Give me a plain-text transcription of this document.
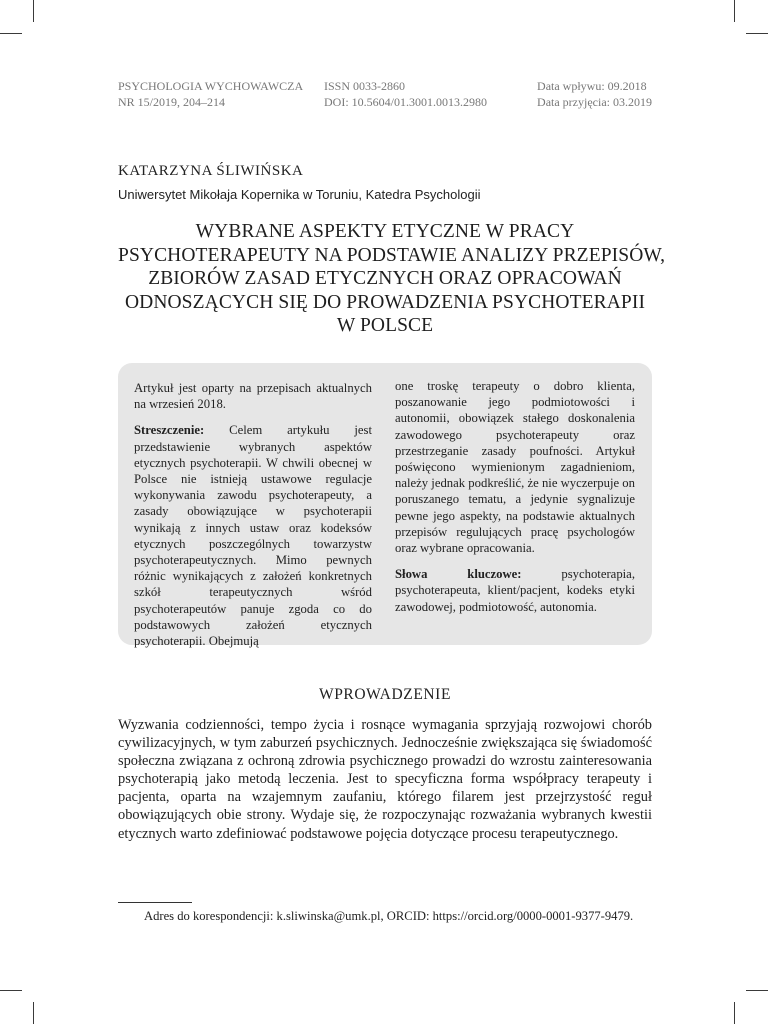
PSYCHOLOGIA WYCHOWAWCZA
NR 15/2019, 204–214
ISSN 0033-2860
DOI: 10.5604/01.3001.0013.2980
Data wpływu: 09.2018
Data przyjęcia: 03.2019
KATARZYNA ŚLIWIŃSKA
Uniwersytet Mikołaja Kopernika w Toruniu, Katedra Psychologii
WYBRANE ASPEKTY ETYCZNE W PRACY
PSYCHOTERAPEUTY NA PODSTAWIE ANALIZY PRZEPISÓW,
ZBIORÓW ZASAD ETYCZNYCH ORAZ OPRACOWAŃ
ODNOSZĄCYCH SIĘ DO PROWADZENIA PSYCHOTERAPII
W POLSCE

Artykuł jest oparty na przepisach aktualnych na wrzesień 2018.

Streszczenie: Celem artykułu jest przedstawienie wybranych aspektów etycznych psychoterapii. W chwili obecnej w Polsce nie istnieją ustawowe regulacje wykonywania zawodu psychoterapeuty, a zasady obowiązujące w psychoterapii wynikają z innych ustaw oraz kodeksów etycznych poszczególnych towarzystw psychoterapeutycznych. Mimo pewnych różnic wynikających z założeń konkretnych szkół terapeutycznych wśród psychoterapeutów panuje zgoda co do podstawowych założeń etycznych psychoterapii. Obejmują

one troskę terapeuty o dobro klienta, poszanowanie jego podmiotowości i autonomii, obowiązek stałego doskonalenia zawodowego psychoterapeuty oraz przestrzeganie zasady poufności. Artykuł poświęcono wymienionym zagadnieniom, należy jednak podkreślić, że nie wyczerpuje on poruszanego tematu, a jedynie sygnalizuje pewne jego aspekty, na podstawie aktualnych przepisów regulujących pracę psychologów oraz wybrane opracowania.

Słowa kluczowe: psychoterapia, psychoterapeuta, klient/pacjent, kodeks etyki zawodowej, podmiotowość, autonomia.

WPROWADZENIE

Wyzwania codzienności, tempo życia i rosnące wymagania sprzyjają rozwojowi chorób cywilizacyjnych, w tym zaburzeń psychicznych. Jednocześnie zwiększająca się świadomość społeczna związana z ochroną zdrowia psychicznego prowadzi do wzrostu zainteresowania psychoterapią jako metodą leczenia. Jest to specyficzna forma współpracy terapeuty i pacjenta, oparta na wzajemnym zaufaniu, którego filarem jest przejrzystość reguł obowiązujących obie strony. Wydaje się, że rozpoczynając rozważania wybranych kwestii etycznych warto zdefiniować podstawowe pojęcia dotyczące procesu terapeutycznego.

Adres do korespondencji: k.sliwinska@umk.pl, ORCID: https://orcid.org/0000-0001-9377-9479.
